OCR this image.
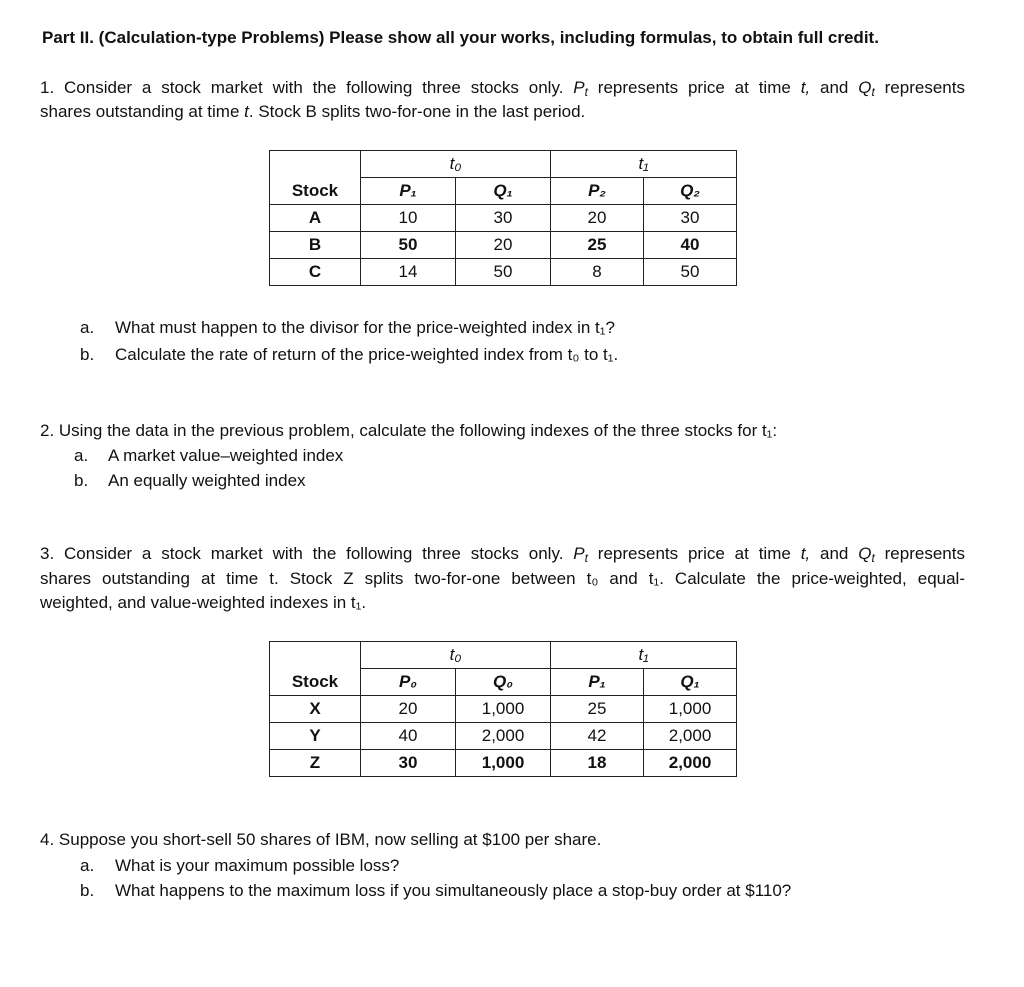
Part II. (Calculation-type Problems) Please show all your works, including formulas, to obtain full credit.
1. Consider a stock market with the following three stocks only. $P_t$ represents price at time t, and $Q_t$ represents
shares outstanding at time t. Stock B splits two-for-one in the last period.
	t₀		t₁	
Stock	P₁	Q₁	P₂	Q₂
A	10	30	20	30
B	50	20	25	40
C	14	50	8	50
a.	What must happen to the divisor for the price-weighted index in t₁?
b.	Calculate the rate of return of the price-weighted index from t₀ to t₁.
2. Using the data in the previous problem, calculate the following indexes of the three stocks for t₁:
a.	A market value–weighted index
b.	An equally weighted index
3. Consider a stock market with the following three stocks only. $P_t$ represents price at time t, and $Q_t$ represents
shares outstanding at time t. Stock Z splits two-for-one between t₀ and t₁. Calculate the price-weighted, equal-
weighted, and value-weighted indexes in t₁.
	t₀		t₁	
Stock	P₀	Q₀	P₁	Q₁
X	20	1,000	25	1,000
Y	40	2,000	42	2,000
Z	30	1,000	18	2,000
4. Suppose you short-sell 50 shares of IBM, now selling at $100 per share.
a.	What is your maximum possible loss?
b.	What happens to the maximum loss if you simultaneously place a stop-buy order at $110?
